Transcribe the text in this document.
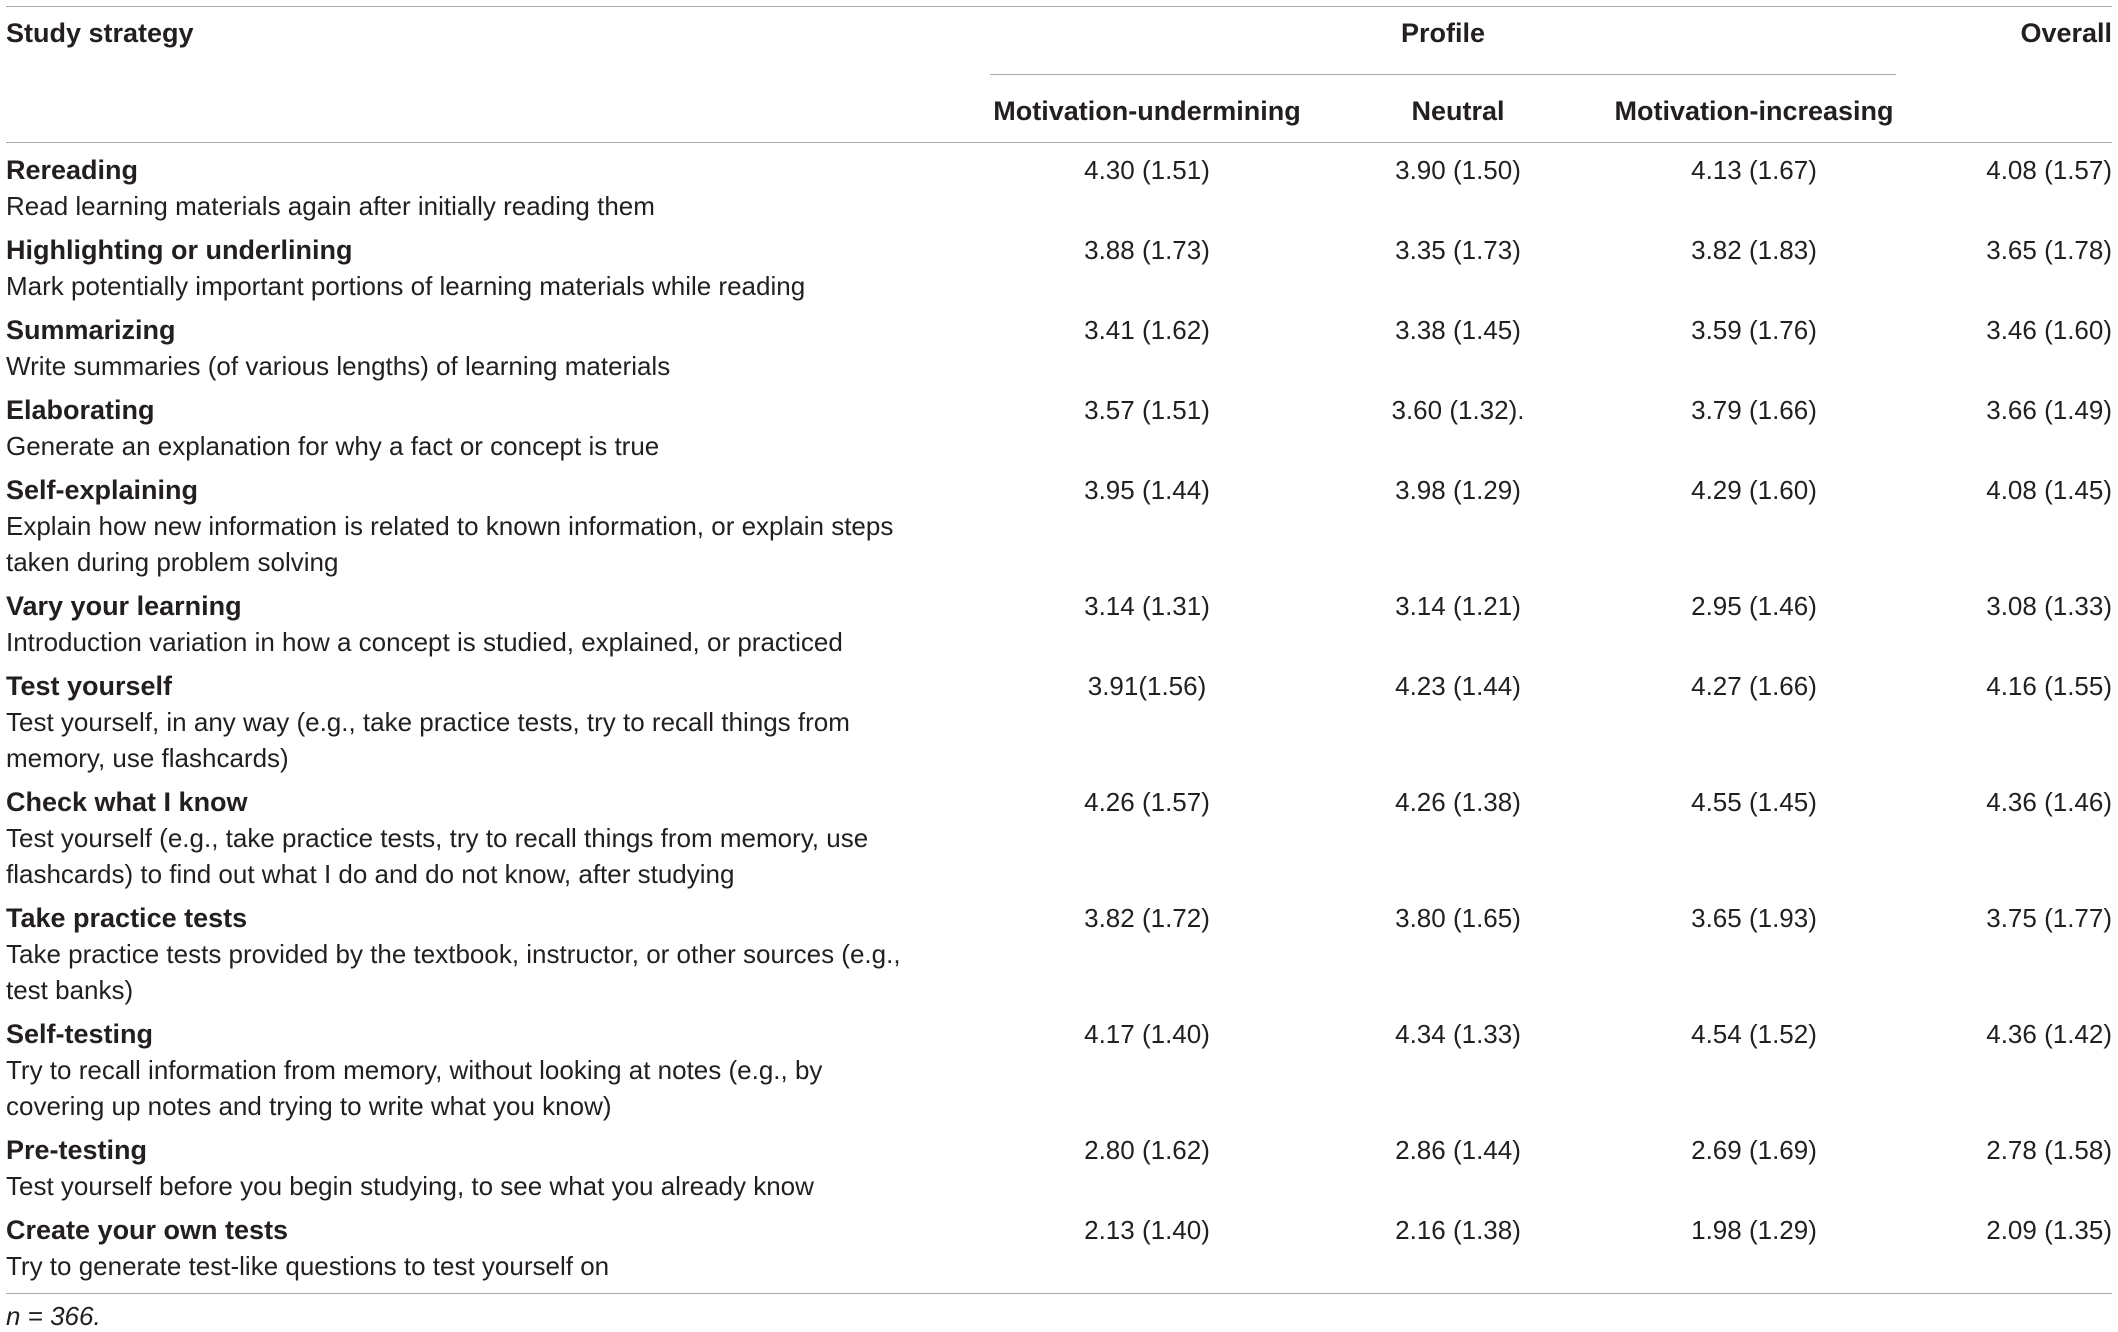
Study strategy	Profile	Overall
Motivation-undermining	Neutral	Motivation-increasing
Rereading
Read learning materials again after initially reading them
4.30 (1.51)	3.90 (1.50)	4.13 (1.67)	4.08 (1.57)
Highlighting or underlining
Mark potentially important portions of learning materials while reading
3.88 (1.73)	3.35 (1.73)	3.82 (1.83)	3.65 (1.78)
Summarizing
Write summaries (of various lengths) of learning materials
3.41 (1.62)	3.38 (1.45)	3.59 (1.76)	3.46 (1.60)
Elaborating
Generate an explanation for why a fact or concept is true
3.57 (1.51)	3.60 (1.32).	3.79 (1.66)	3.66 (1.49)
Self-explaining
Explain how new information is related to known information, or explain steps taken during problem solving
3.95 (1.44)	3.98 (1.29)	4.29 (1.60)	4.08 (1.45)
Vary your learning
Introduction variation in how a concept is studied, explained, or practiced
3.14 (1.31)	3.14 (1.21)	2.95 (1.46)	3.08 (1.33)
Test yourself
Test yourself, in any way (e.g., take practice tests, try to recall things from memory, use flashcards)
3.91(1.56)	4.23 (1.44)	4.27 (1.66)	4.16 (1.55)
Check what I know
Test yourself (e.g., take practice tests, try to recall things from memory, use flashcards) to find out what I do and do not know, after studying
4.26 (1.57)	4.26 (1.38)	4.55 (1.45)	4.36 (1.46)
Take practice tests
Take practice tests provided by the textbook, instructor, or other sources (e.g., test banks)
3.82 (1.72)	3.80 (1.65)	3.65 (1.93)	3.75 (1.77)
Self-testing
Try to recall information from memory, without looking at notes (e.g., by covering up notes and trying to write what you know)
4.17 (1.40)	4.34 (1.33)	4.54 (1.52)	4.36 (1.42)
Pre-testing
Test yourself before you begin studying, to see what you already know
2.80 (1.62)	2.86 (1.44)	2.69 (1.69)	2.78 (1.58)
Create your own tests
Try to generate test-like questions to test yourself on
2.13 (1.40)	2.16 (1.38)	1.98 (1.29)	2.09 (1.35)
n = 366.
